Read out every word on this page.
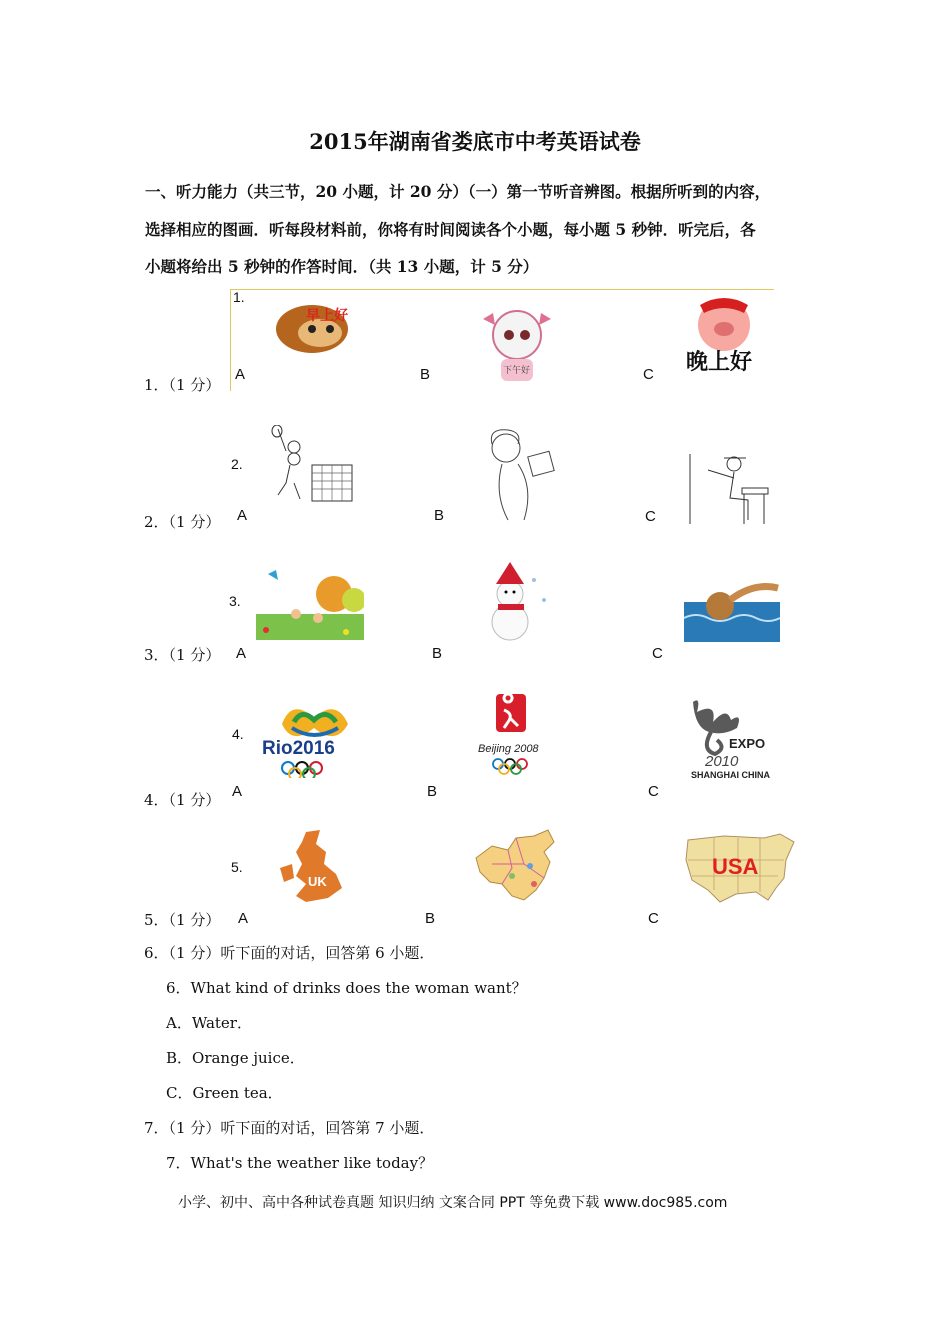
2015年湖南省娄底市中考英语试卷
一、听力能力（共三节，20 小题，计 20 分）（一）第一节听音辨图。根据所听到的内容，
选择相应的图画．听每段材料前，你将有时间阅读各个小题，每小题 5 秒钟．听完后，各
小题将给出 5 秒钟的作答时间．（共 13 小题，计 5 分）
1．（1 分）
1.
A	B	C
早上好
下午好	晚上好
2．（1 分）
2.
A	B	C
3．（1 分）
3.
A	B	C
4．（1 分）
4.
A	B	C
Rio2016	Beijing 2008	EXPO
2010
SHANGHAI CHINA
5．（1 分）
5.
A	B	C
UK
USA
6．（1 分）听下面的对话，回答第 6 小题．
6．What kind of drinks does the woman want？
A．Water．
B．Orange juice．
C．Green tea．
7．（1 分）听下面的对话，回答第 7 小题．
7．What's the weather like today？
小学、初中、高中各种试卷真题 知识归纳 文案合同 PPT 等免费下载 www.doc985.com
